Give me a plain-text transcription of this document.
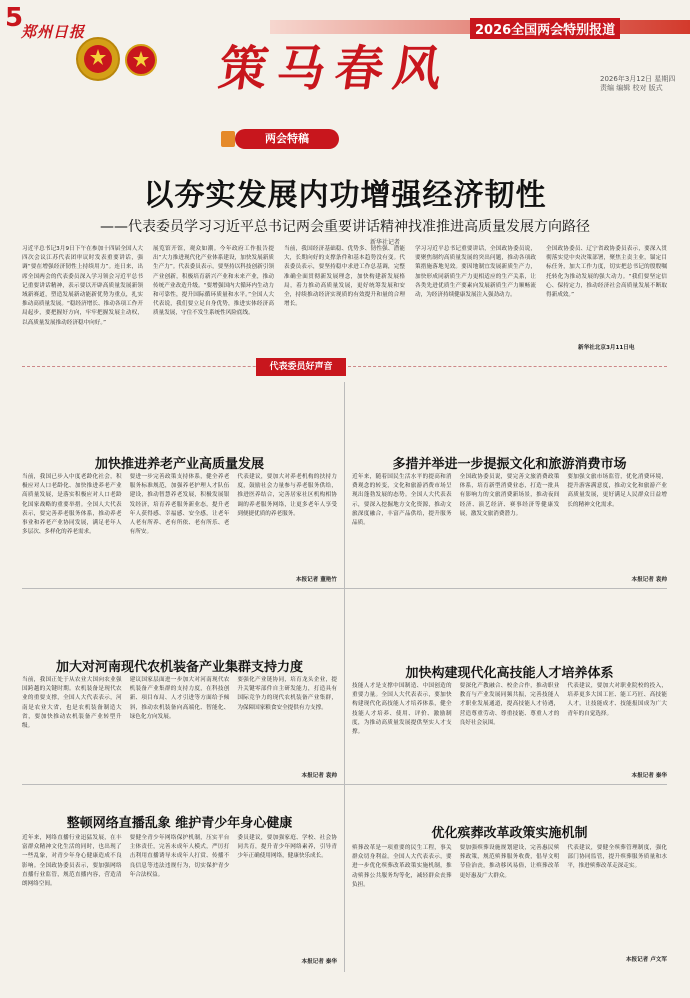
5
郑州日报	2026全国两会特别报道
策马春风	2026年3月12日 星期四
责编 编辑 校对 版式
两会特稿
以夯实发展内功增强经济韧性
——代表委员学习习近平总书记两会重要讲话精神找准推进高质量发展方向路径
新华社记者
习近平总书记3月9日下午在参加十四届全国人大四次会议江苏代表团审议时发表重要讲话，强调“要在增强经济韧性上持续用力”。连日来，出席全国两会的代表委员深入学习领会习近平总书记重要讲话精神，表示要以开辟高质量发展新领域新赛道，塑造发展新动能新优势为重点，扎实推动高质量发展。“稳经济增长、推动各项工作开局起步，要把握好方向，牢牢把握发展主动权，以高质量发展推动经济稳中向好。”
展览馆开馆，观众如潮。今年政府工作报告提出“大力推进现代化产业体系建设，加快发展新质生产力”。代表委员表示，要坚持以科技创新引领产业创新，积极培育新兴产业和未来产业，推动传统产业改造升级。“要增强国内大循环内生动力和可靠性，提升国际循环质量和水平。”全国人大代表说，我们要立足自身优势，推进实体经济高质量发展，守住不发生系统性风险底线。
当前，我国经济基础稳、优势多、韧性强、潜能大，长期向好的支撑条件和基本趋势没有变。代表委员表示，要坚持稳中求进工作总基调，完整准确全面贯彻新发展理念，加快构建新发展格局，着力推动高质量发展，更好统筹发展和安全，持续推动经济实现质的有效提升和量的合理增长。
学习习近平总书记重要讲话，全国政协委员说，要聚焦制约高质量发展的突出问题，推动各项政策措施落地见效。要因地制宜发展新质生产力，加快形成同新质生产力更相适应的生产关系，让各类先进优质生产要素向发展新质生产力顺畅流动，为经济持续健康发展注入强劲动力。
全国政协委员、辽宁省政协委员表示，要深入贯彻落实党中央决策部署，聚焦主责主业，锚定目标任务，加大工作力度，切实把总书记的殷殷嘱托转化为推动发展的强大动力。“我们要坚定信心、保持定力，推动经济社会高质量发展不断取得新成效。”
新华社北京3月11日电
代表委员好声音
加快推进养老产业高质量发展
当前，我国已步入中度老龄化社会，积极应对人口老龄化、加快推进养老产业高质量发展，是落实积极应对人口老龄化国家战略的重要举措。全国人大代表表示，要完善养老服务体系，推动养老事业和养老产业协同发展，满足老年人多层次、多样化的养老需求。
要进一步完善政策支持体系，健全养老服务标准规范，加强养老护理人才队伍建设，推动智慧养老发展，积极发展银发经济，培育养老服务新业态，提升老年人获得感、幸福感、安全感，让老年人老有所养、老有所依、老有所乐、老有所安。
代表建议，要加大对养老机构的扶持力度，鼓励社会力量参与养老服务供给，推进医养结合，完善居家社区机构相协调的养老服务网络，让更多老年人享受到便捷优质的养老服务。
本报记者 董艳竹
多措并举进一步提振文化和旅游消费市场
近年来，随着国民生活水平的提高和消费观念的转变，文化和旅游消费市场呈现出蓬勃发展的态势。全国人大代表表示，要深入挖掘地方文化资源，推动文旅深度融合，丰富产品供给，提升服务品质。
全国政协委员说，要完善文旅消费政策体系，培育新型消费业态，打造一批具有影响力的文旅消费新场景，推动夜间经济、演艺经济、赛事经济等健康发展，激发文旅消费潜力。
要加强文旅市场监管，优化消费环境，提升游客满意度，推动文化和旅游产业高质量发展，更好满足人民群众日益增长的精神文化需求。
本报记者 袁帅
加大对河南现代农机装备产业集群支持力度
当前，我国正处于从农业大国向农业强国跨越的关键时期。农机装备是现代农业的重要支撑，全国人大代表表示，河南是农业大省，也是农机装备制造大省，要加快推动农机装备产业转型升级。
建议国家层面进一步加大对河南现代农机装备产业集群的支持力度，在科技创新、项目布局、人才引进等方面给予倾斜，推动农机装备向高端化、智能化、绿色化方向发展。
要强化产业链协同，培育龙头企业，提升关键零部件自主研发能力，打造具有国际竞争力的现代农机装备产业集群，为保障国家粮食安全提供有力支撑。
本报记者 袁帅
加快构建现代化高技能人才培养体系
技能人才是支撑中国制造、中国创造的重要力量。全国人大代表表示，要加快构建现代化高技能人才培养体系，健全技能人才培养、使用、评价、激励制度，为推动高质量发展提供坚实人才支撑。
要深化产教融合、校企合作，推动职业教育与产业发展同频共振，完善技能人才职业发展通道，提高技能人才待遇，营造尊重劳动、尊重技能、尊重人才的良好社会氛围。
代表建议，要加大对职业院校的投入，培养更多大国工匠、能工巧匠、高技能人才，让技能成才、技能报国成为广大青年的自觉选择。
本报记者 秦华
整顿网络直播乱象 维护青少年身心健康
近年来，网络直播行业迅猛发展，在丰富群众精神文化生活的同时，也出现了一些乱象，对青少年身心健康造成不良影响。全国政协委员表示，要加强网络直播行业监管，规范直播内容，营造清朗网络空间。
要健全青少年网络保护机制，压实平台主体责任，完善未成年人模式，严厉打击利用直播诱导未成年人打赏、传播不良信息等违法违规行为，切实保护青少年合法权益。
委员建议，要加强家庭、学校、社会协同共育，提升青少年网络素养，引导青少年正确使用网络，健康快乐成长。
本报记者 秦华
优化殡葬改革政策实施机制
殡葬改革是一项重要的民生工程，事关群众切身利益。全国人大代表表示，要进一步优化殡葬改革政策实施机制，推动殡葬公共服务均等化，减轻群众丧葬负担。
要加强殡葬设施规划建设，完善惠民殡葬政策，规范殡葬服务收费，倡导文明节俭治丧，推动移风易俗，让殡葬改革更好惠及广大群众。
代表建议，要健全殡葬管理制度，强化部门协同监管，提升殡葬服务质量和水平，推进殡葬改革走深走实。
本报记者 卢文军
